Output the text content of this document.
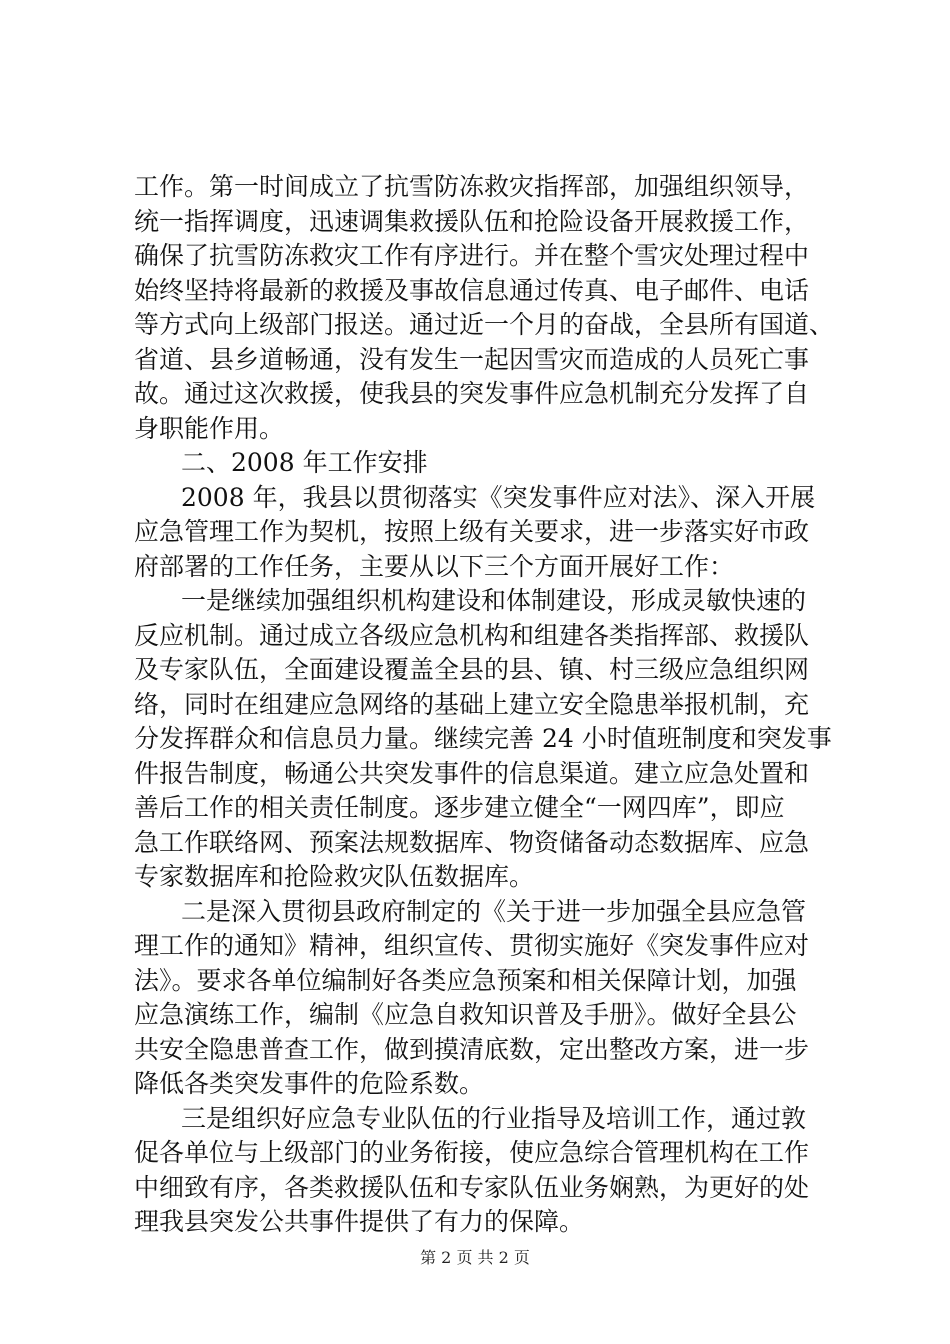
工作。第一时间成立了抗雪防冻救灾指挥部，加强组织领导，
统一指挥调度，迅速调集救援队伍和抢险设备开展救援工作，
确保了抗雪防冻救灾工作有序进行。并在整个雪灾处理过程中
始终坚持将最新的救援及事故信息通过传真、电子邮件、电话
等方式向上级部门报送。通过近一个月的奋战，全县所有国道、
省道、县乡道畅通，没有发生一起因雪灾而造成的人员死亡事
故。通过这次救援，使我县的突发事件应急机制充分发挥了自
身职能作用。
二、2008 年工作安排
2008 年，我县以贯彻落实《突发事件应对法》、深入开展
应急管理工作为契机，按照上级有关要求，进一步落实好市政
府部署的工作任务，主要从以下三个方面开展好工作：
一是继续加强组织机构建设和体制建设，形成灵敏快速的
反应机制。通过成立各级应急机构和组建各类指挥部、救援队
及专家队伍，全面建设覆盖全县的县、镇、村三级应急组织网
络，同时在组建应急网络的基础上建立安全隐患举报机制，充
分发挥群众和信息员力量。继续完善 24 小时值班制度和突发事
件报告制度，畅通公共突发事件的信息渠道。建立应急处置和
善后工作的相关责任制度。逐步建立健全“一网四库”，即应
急工作联络网、预案法规数据库、物资储备动态数据库、应急
专家数据库和抢险救灾队伍数据库。
二是深入贯彻县政府制定的《关于进一步加强全县应急管
理工作的通知》精神，组织宣传、贯彻实施好《突发事件应对
法》。要求各单位编制好各类应急预案和相关保障计划，加强
应急演练工作，编制《应急自救知识普及手册》。做好全县公
共安全隐患普查工作，做到摸清底数，定出整改方案，进一步
降低各类突发事件的危险系数。
三是组织好应急专业队伍的行业指导及培训工作，通过敦
促各单位与上级部门的业务衔接，使应急综合管理机构在工作
中细致有序，各类救援队伍和专家队伍业务娴熟，为更好的处
理我县突发公共事件提供了有力的保障。
第 2 页 共 2 页
